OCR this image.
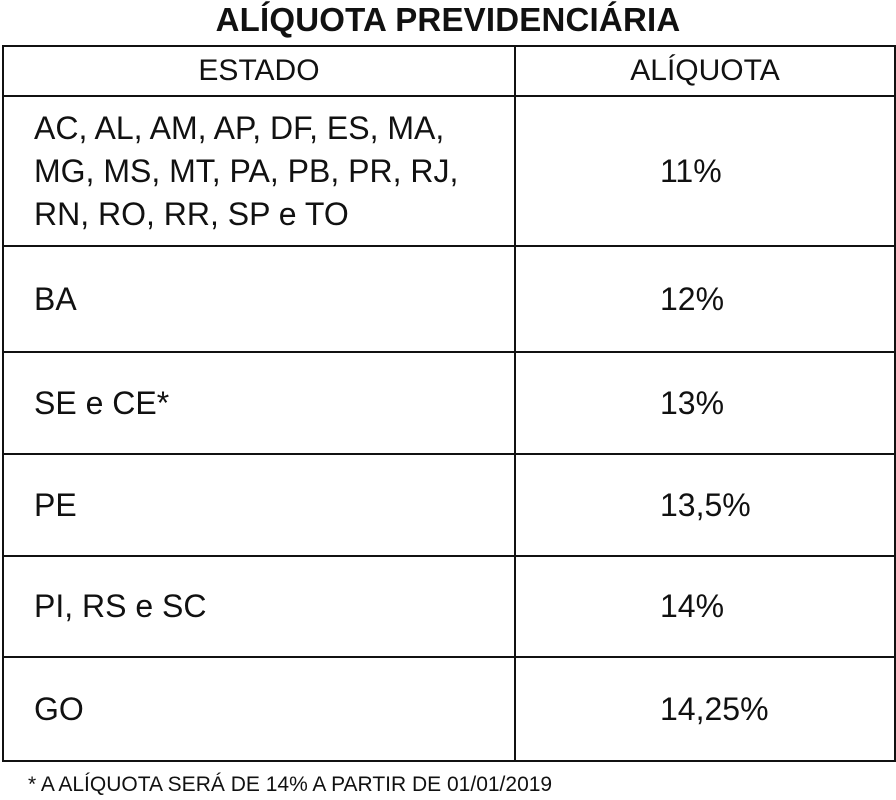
ALÍQUOTA PREVIDENCIÁRIA
ESTADO	ALÍQUOTA
AC, AL, AM, AP, DF, ES, MA, MG, MS, MT, PA, PB, PR, RJ, RN, RO, RR, SP e TO	11%
BA	12%
SE e CE*	13%
PE	13,5%
PI, RS e SC	14%
GO	14,25%
* A ALÍQUOTA SERÁ DE 14% A PARTIR DE 01/01/2019
